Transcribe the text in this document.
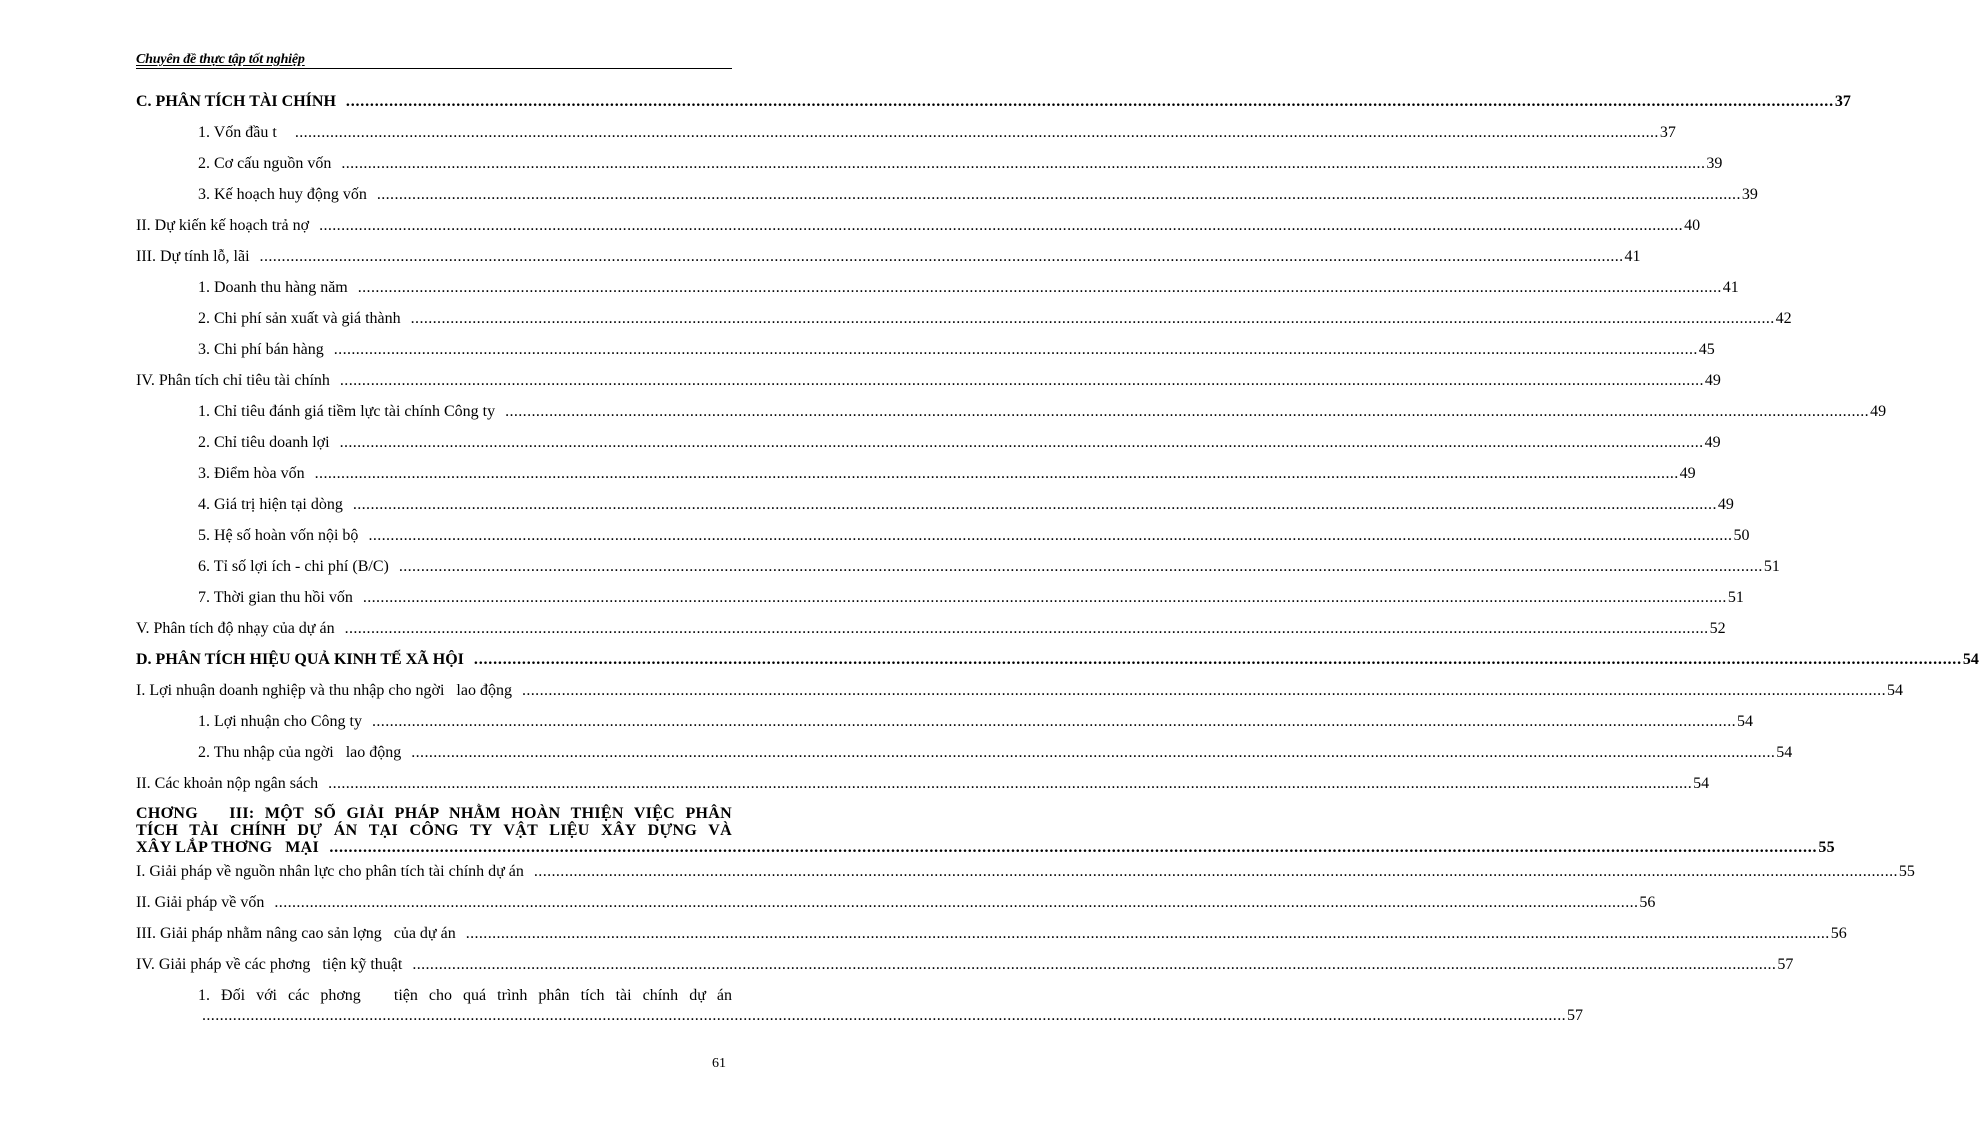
Chuyên đề thực tập tốt nghiệp
C. PHÂN TÍCH TÀI CHÍNH ...................................................................................................................................................................................................................................................................................................................... 37
1. Vốn đầu t ...................................................................................................................................................................................................................................................................................................................... 37
2. Cơ cấu nguồn vốn ...................................................................................................................................................................................................................................................................................................................... 39
3. Kế hoạch huy động vốn ...................................................................................................................................................................................................................................................................................................................... 39
II. Dự kiến kế hoạch trả nợ ...................................................................................................................................................................................................................................................................................................................... 40
III. Dự tính lỗ, lãi ...................................................................................................................................................................................................................................................................................................................... 41
1. Doanh thu hàng năm ...................................................................................................................................................................................................................................................................................................................... 41
2. Chi phí sản xuất và giá thành ...................................................................................................................................................................................................................................................................................................................... 42
3. Chi phí bán hàng ...................................................................................................................................................................................................................................................................................................................... 45
IV. Phân tích chỉ tiêu tài chính ...................................................................................................................................................................................................................................................................................................................... 49
1. Chỉ tiêu đánh giá tiềm lực tài chính Công ty ...................................................................................................................................................................................................................................................................................................................... 49
2. Chỉ tiêu doanh lợi ...................................................................................................................................................................................................................................................................................................................... 49
3. Điểm hòa vốn ...................................................................................................................................................................................................................................................................................................................... 49
4. Giá trị hiện tại dòng ...................................................................................................................................................................................................................................................................................................................... 49
5. Hệ số hoàn vốn nội bộ ...................................................................................................................................................................................................................................................................................................................... 50
6. Tỉ số lợi ích - chi phí (B/C) ...................................................................................................................................................................................................................................................................................................................... 51
7. Thời gian thu hồi vốn ...................................................................................................................................................................................................................................................................................................................... 51
V. Phân tích độ nhạy của dự án ...................................................................................................................................................................................................................................................................................................................... 52
D. PHÂN TÍCH HIỆU QUẢ KINH TẾ XÃ HỘI ...................................................................................................................................................................................................................................................................................................................... 54
I. Lợi nhuận doanh nghiệp và thu nhập cho ngời   lao động ...................................................................................................................................................................................................................................................................................................................... 54
1. Lợi nhuận cho Công ty ...................................................................................................................................................................................................................................................................................................................... 54
2. Thu nhập của ngời   lao động ...................................................................................................................................................................................................................................................................................................................... 54
II. Các khoản nộp ngân sách ...................................................................................................................................................................................................................................................................................................................... 54
CHƠNG   III: MỘT SỐ GIẢI PHÁP NHẰM HOÀN THIỆN VIỆC PHÂN
TÍCH TÀI CHÍNH DỰ ÁN TẠI CÔNG TY VẬT LIỆU XÂY DỰNG VÀ
XÂY LẮP THƠNG   MẠI ...................................................................................................................................................................................................................................................................................................................... 55
I. Giải pháp về nguồn nhân lực cho phân tích tài chính dự án ...................................................................................................................................................................................................................................................................................................................... 55
II. Giải pháp về vốn ...................................................................................................................................................................................................................................................................................................................... 56
III. Giải pháp nhằm nâng cao sản lợng   của dự án ...................................................................................................................................................................................................................................................................................................................... 56
IV. Giải pháp về các phơng   tiện kỹ thuật ...................................................................................................................................................................................................................................................................................................................... 57
1. Đối với các phơng   tiện cho quá trình phân tích tài chính dự án
...................................................................................................................................................................................................................................................................................................................... 57
61
